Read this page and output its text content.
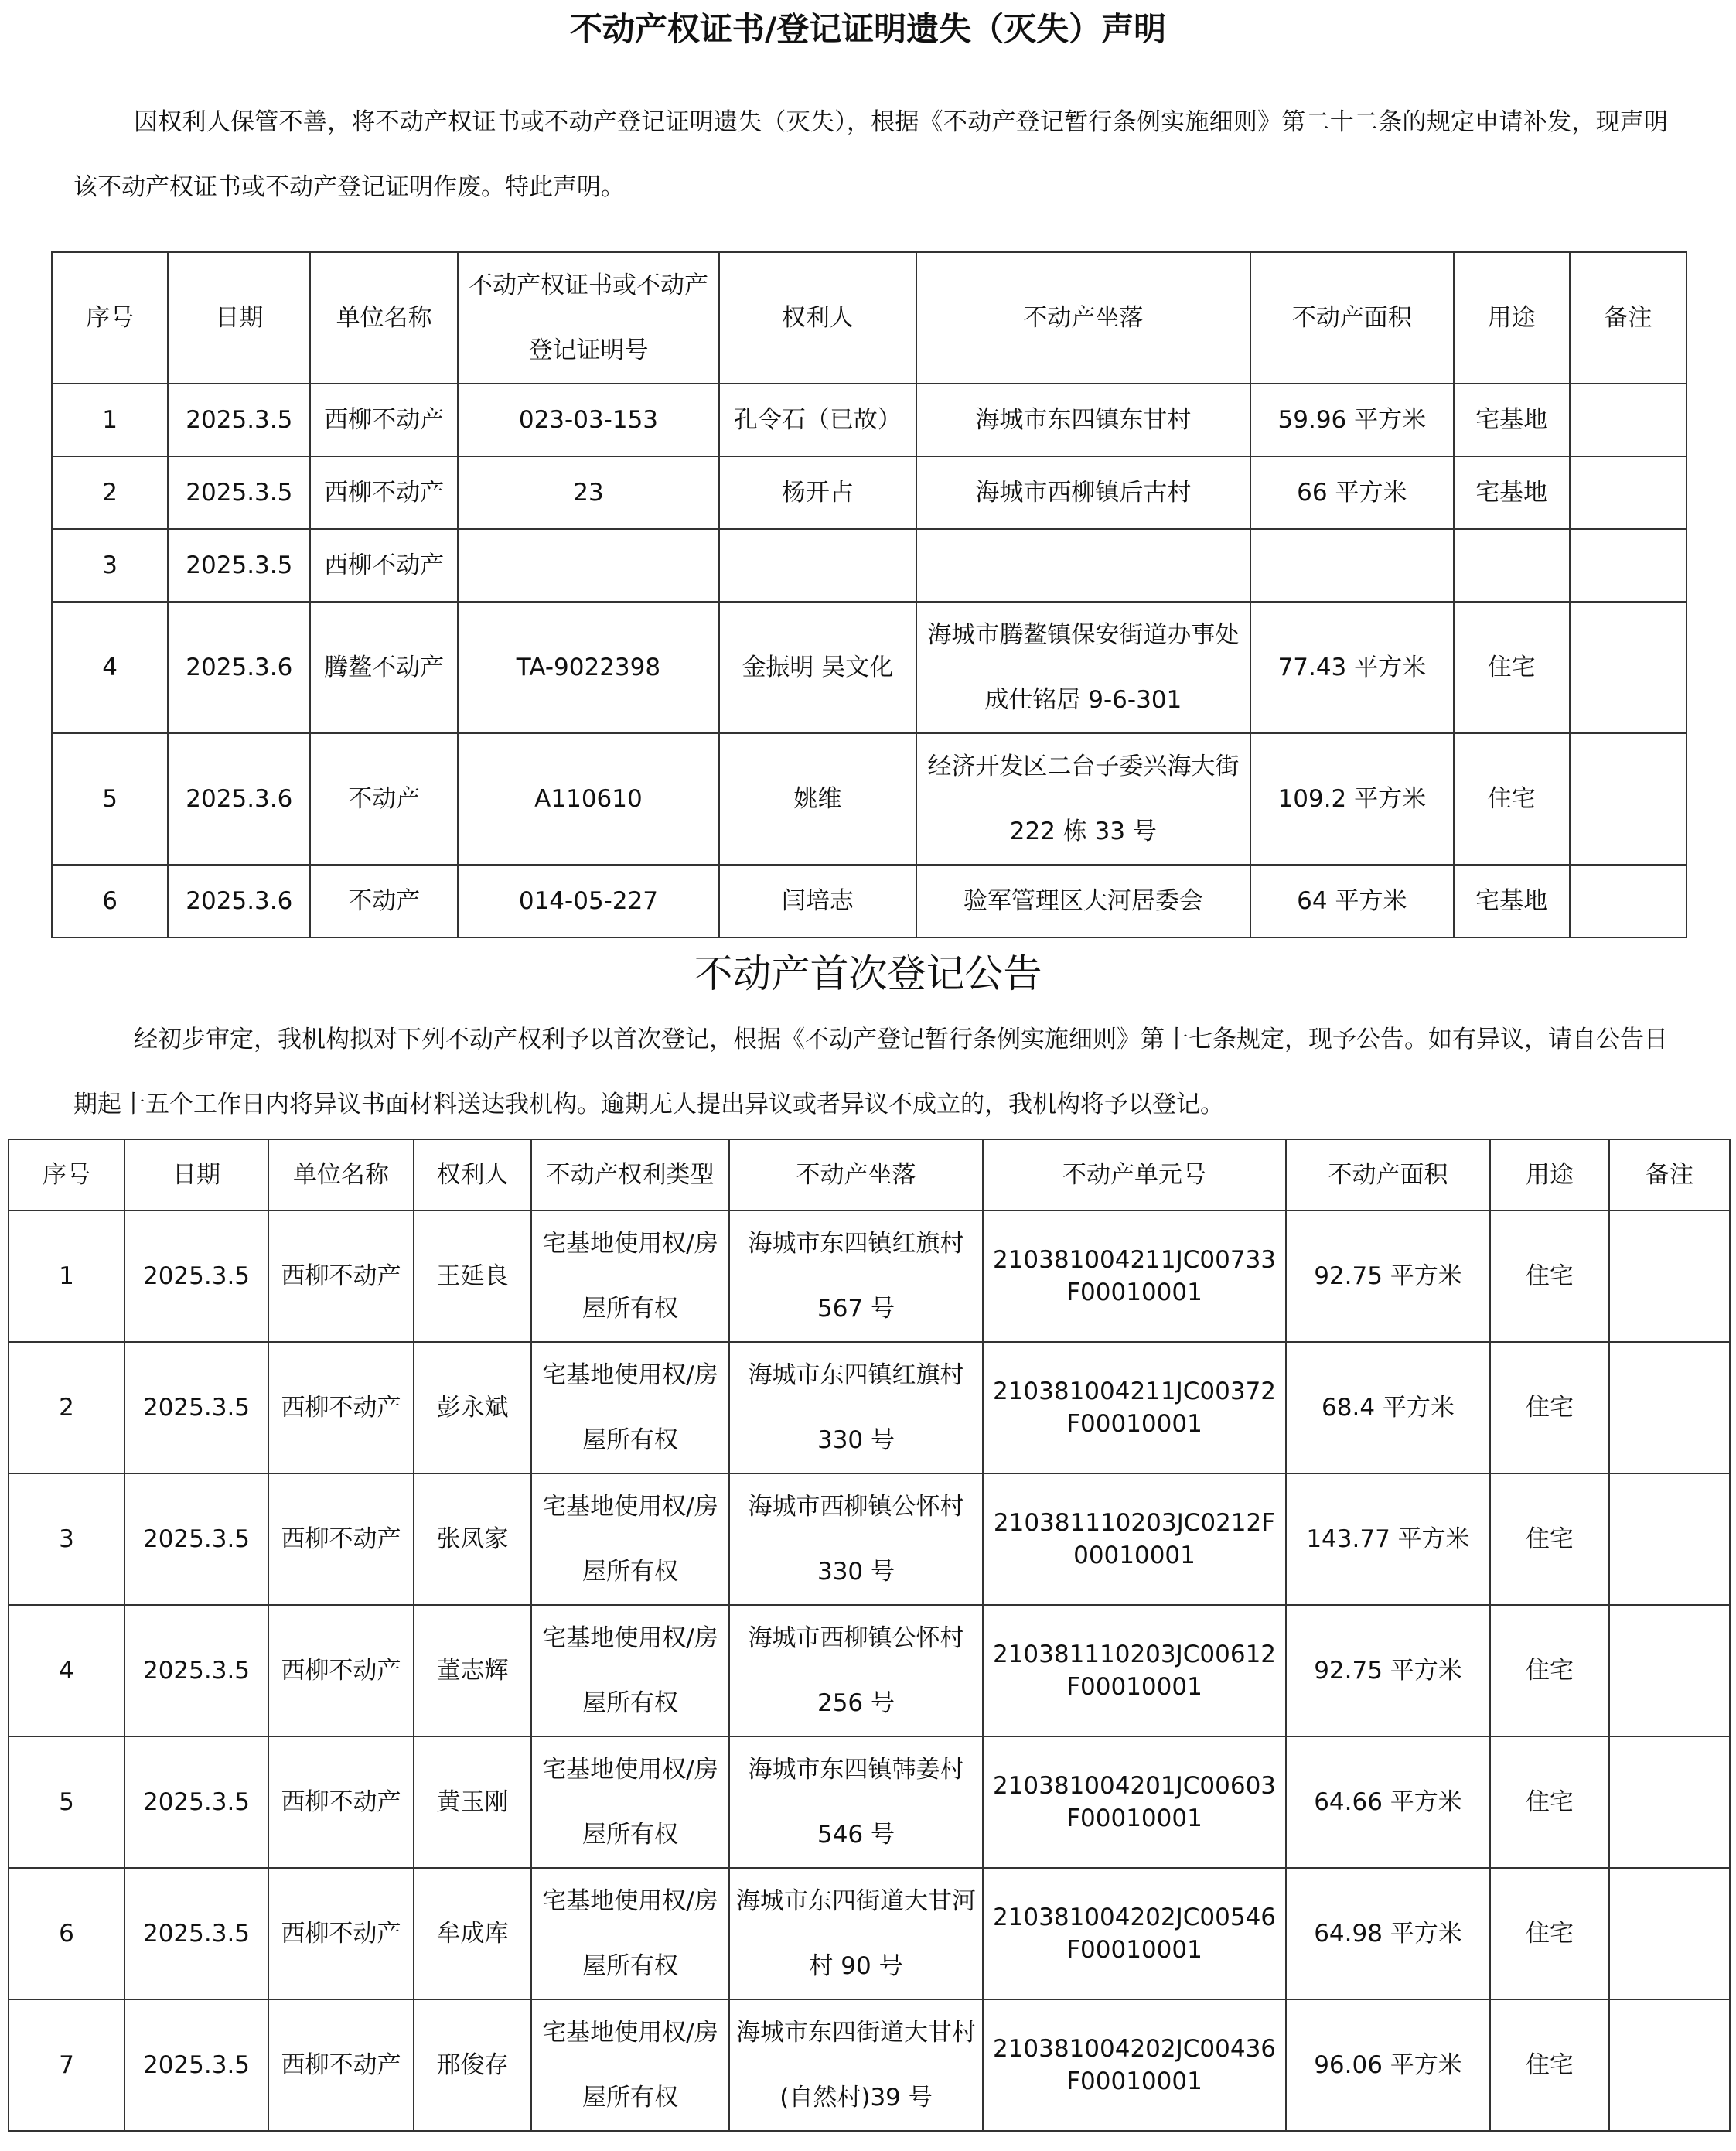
不动产权证书/登记证明遗失（灭失）声明

因权利人保管不善，将不动产权证书或不动产登记证明遗失（灭失），根据《不动产登记暂行条例实施细则》第二十二条的规定申请补发，现声明该不动产权证书或不动产登记证明作废。特此声明。

序号	日期	单位名称	不动产权证书或不动产登记证明号	权利人	不动产坐落	不动产面积	用途	备注
1	2025.3.5	西柳不动产	023-03-153	孔令石（已故）	海城市东四镇东甘村	59.96 平方米	宅基地	
2	2025.3.5	西柳不动产	23	杨开占	海城市西柳镇后古村	66 平方米	宅基地	
3	2025.3.5	西柳不动产						
4	2025.3.6	腾鳌不动产	TA-9022398	金振明 吴文化	海城市腾鳌镇保安街道办事处成仕铭居 9-6-301	77.43 平方米	住宅	
5	2025.3.6	不动产	A110610	姚维	经济开发区二台子委兴海大街 222 栋 33 号	109.2 平方米	住宅	
6	2025.3.6	不动产	014-05-227	闫培志	验军管理区大河居委会	64 平方米	宅基地	
不动产首次登记公告

经初步审定，我机构拟对下列不动产权利予以首次登记，根据《不动产登记暂行条例实施细则》第十七条规定，现予公告。如有异议，请自公告日期起十五个工作日内将异议书面材料送达我机构。逾期无人提出异议或者异议不成立的，我机构将予以登记。

序号	日期	单位名称	权利人	不动产权利类型	不动产坐落	不动产单元号	不动产面积	用途	备注
1	2025.3.5	西柳不动产	王延良	宅基地使用权/房屋所有权	海城市东四镇红旗村 567 号	210381004211JC00733F00010001	92.75 平方米	住宅	
2	2025.3.5	西柳不动产	彭永斌	宅基地使用权/房屋所有权	海城市东四镇红旗村 330 号	210381004211JC00372F00010001	68.4 平方米	住宅	
3	2025.3.5	西柳不动产	张凤家	宅基地使用权/房屋所有权	海城市西柳镇公怀村 330 号	210381110203JC0212F00010001	143.77 平方米	住宅	
4	2025.3.5	西柳不动产	董志辉	宅基地使用权/房屋所有权	海城市西柳镇公怀村 256 号	210381110203JC00612F00010001	92.75 平方米	住宅	
5	2025.3.5	西柳不动产	黄玉刚	宅基地使用权/房屋所有权	海城市东四镇韩姜村 546 号	210381004201JC00603F00010001	64.66 平方米	住宅	
6	2025.3.5	西柳不动产	牟成库	宅基地使用权/房屋所有权	海城市东四街道大甘河村 90 号	210381004202JC00546F00010001	64.98 平方米	住宅	
7	2025.3.5	西柳不动产	邢俊存	宅基地使用权/房屋所有权	海城市东四街道大甘村(自然村)39 号	210381004202JC00436F00010001	96.06 平方米	住宅	
